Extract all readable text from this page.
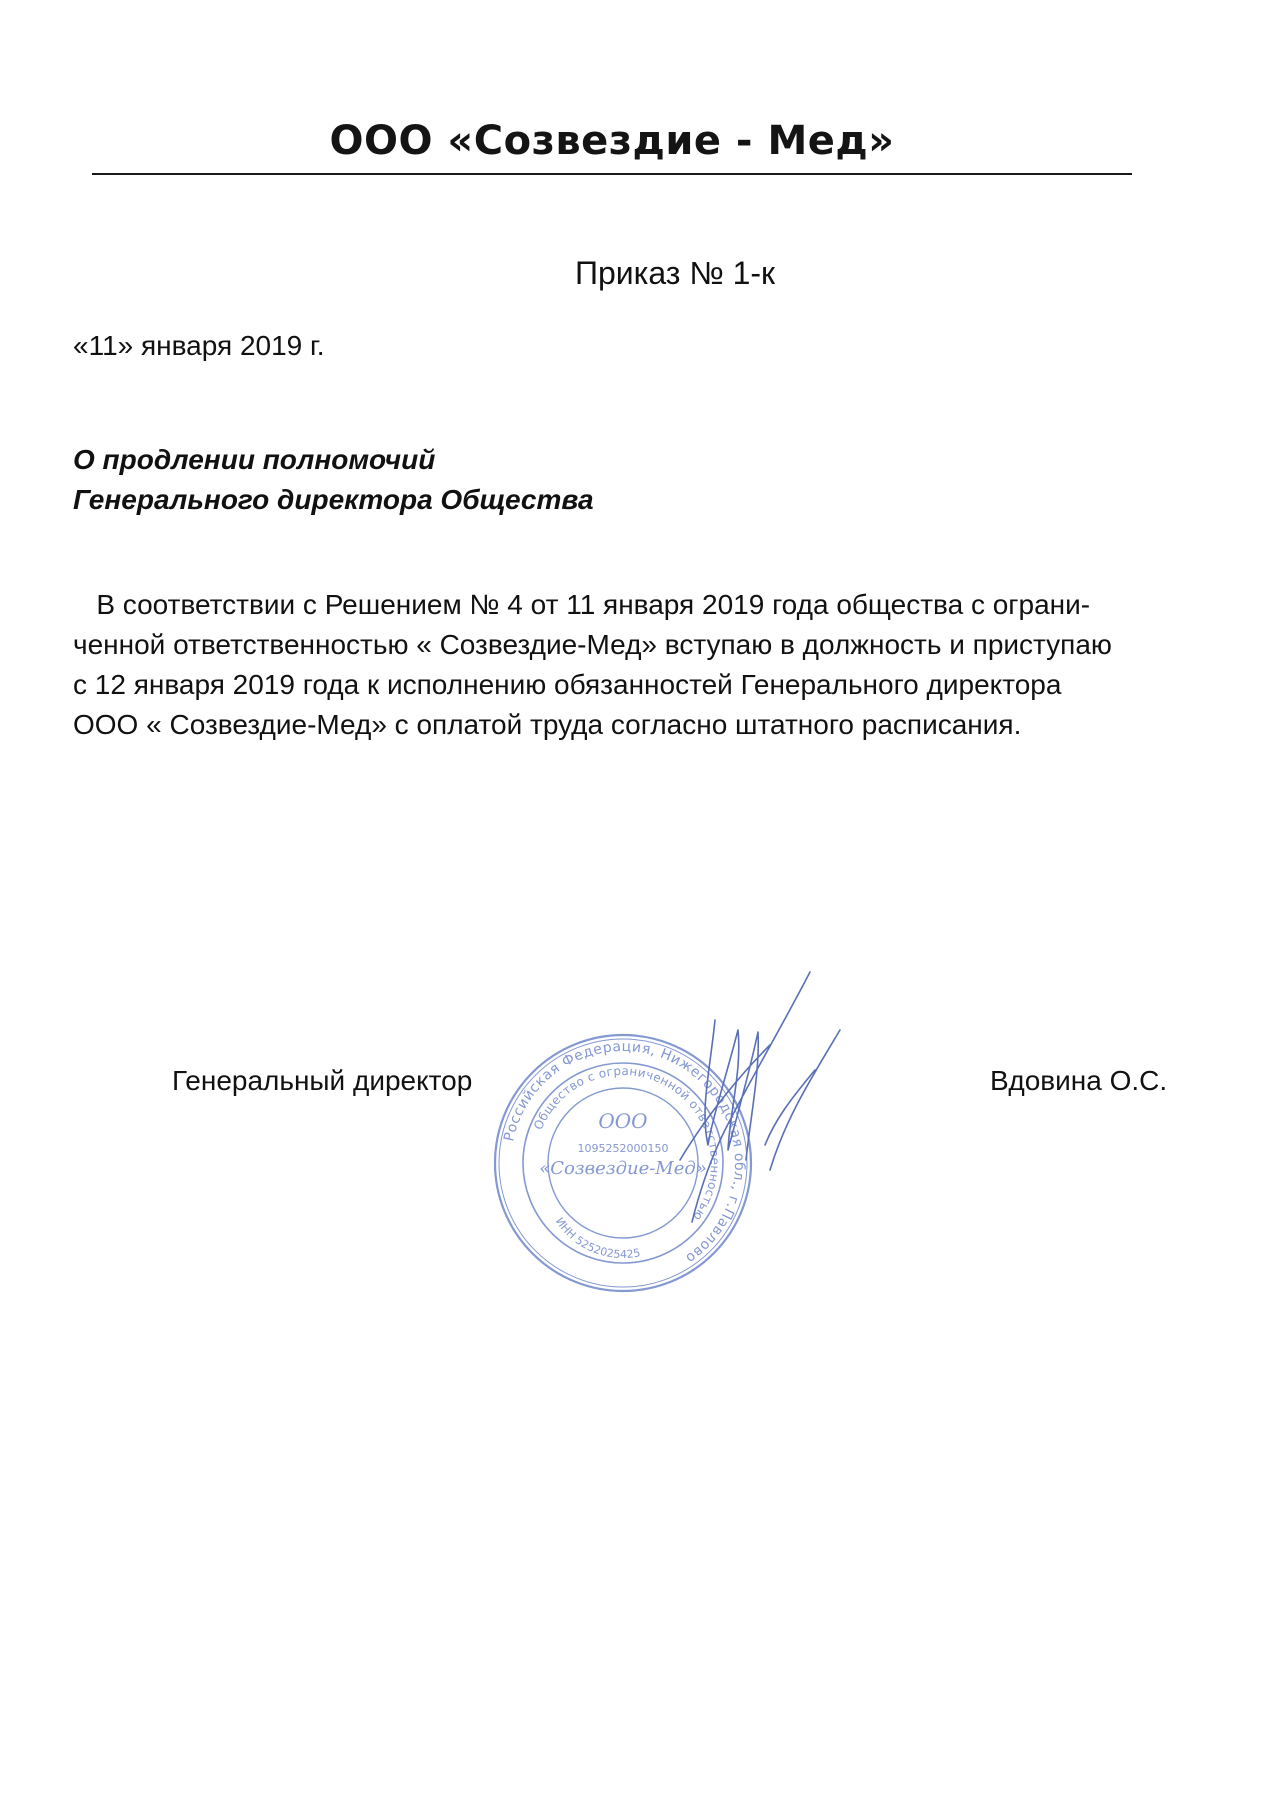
ООО «Созвездие - Мед»
Приказ № 1-к
«11» января 2019 г.
О продлении полномочий
Генерального директора Общества
В соответствии с Решением № 4 от 11 января 2019 года общества с ограни-
ченной ответственностью « Созвездие-Мед» вступаю в должность и приступаю
с 12 января 2019 года к исполнению обязанностей Генерального директора
ООО « Созвездие-Мед» с оплатой труда согласно штатного расписания.
Генеральный директор	Вдовина О.С.
Российская Федерация, Нижегородская обл., г.Павлово
Общество с ограниченной ответственностью
ИНН 5252025425
1095252000150
ООО
«Созвездие-Мед»
